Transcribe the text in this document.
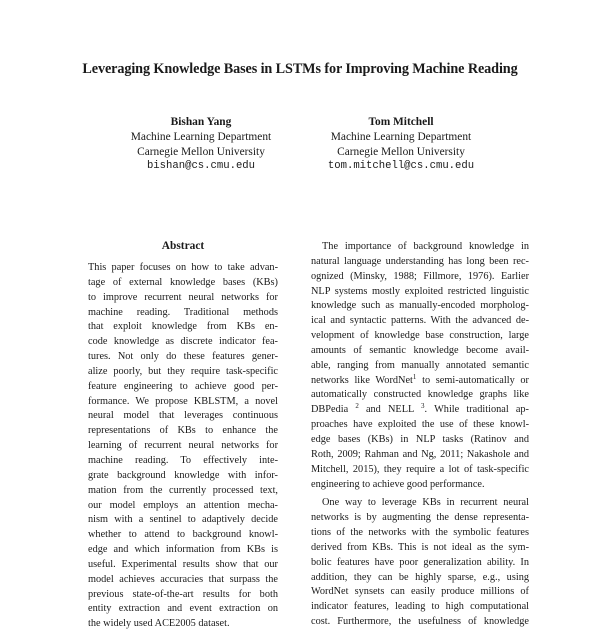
Leveraging Knowledge Bases in LSTMs for Improving Machine Reading
Bishan Yang
Machine Learning Department
Carnegie Mellon University
bishan@cs.cmu.edu
Tom Mitchell
Machine Learning Department
Carnegie Mellon University
tom.mitchell@cs.cmu.edu
Abstract
This paper focuses on how to take advan-
tage of external knowledge bases (KBs)
to improve recurrent neural networks for
machine reading. Traditional methods
that exploit knowledge from KBs en-
code knowledge as discrete indicator fea-
tures. Not only do these features gener-
alize poorly, but they require task-specific
feature engineering to achieve good per-
formance. We propose KBLSTM, a novel
neural model that leverages continuous
representations of KBs to enhance the
learning of recurrent neural networks for
machine reading. To effectively inte-
grate background knowledge with infor-
mation from the currently processed text,
our model employs an attention mecha-
nism with a sentinel to adaptively decide
whether to attend to background knowl-
edge and which information from KBs is
useful. Experimental results show that our
model achieves accuracies that surpass the
previous state-of-the-art results for both
entity extraction and event extraction on
the widely used ACE2005 dataset.
The importance of background knowledge in
natural language understanding has long been rec-
ognized (Minsky, 1988; Fillmore, 1976). Earlier
NLP systems mostly exploited restricted linguistic
knowledge such as manually-encoded morpholog-
ical and syntactic patterns. With the advanced de-
velopment of knowledge base construction, large
amounts of semantic knowledge become avail-
able, ranging from manually annotated semantic
networks like WordNet$^1$ to semi-automatically or
automatically constructed knowledge graphs like
DBPedia $^2$ and NELL $^3$. While traditional ap-
proaches have exploited the use of these knowl-
edge bases (KBs) in NLP tasks (Ratinov and
Roth, 2009; Rahman and Ng, 2011; Nakashole and
Mitchell, 2015), they require a lot of task-specific
engineering to achieve good performance.
One way to leverage KBs in recurrent neural
networks is by augmenting the dense representa-
tions of the networks with the symbolic features
derived from KBs. This is not ideal as the sym-
bolic features have poor generalization ability. In
addition, they can be highly sparse, e.g., using
WordNet synsets can easily produce millions of
indicator features, leading to high computational
cost. Furthermore, the usefulness of knowledge
